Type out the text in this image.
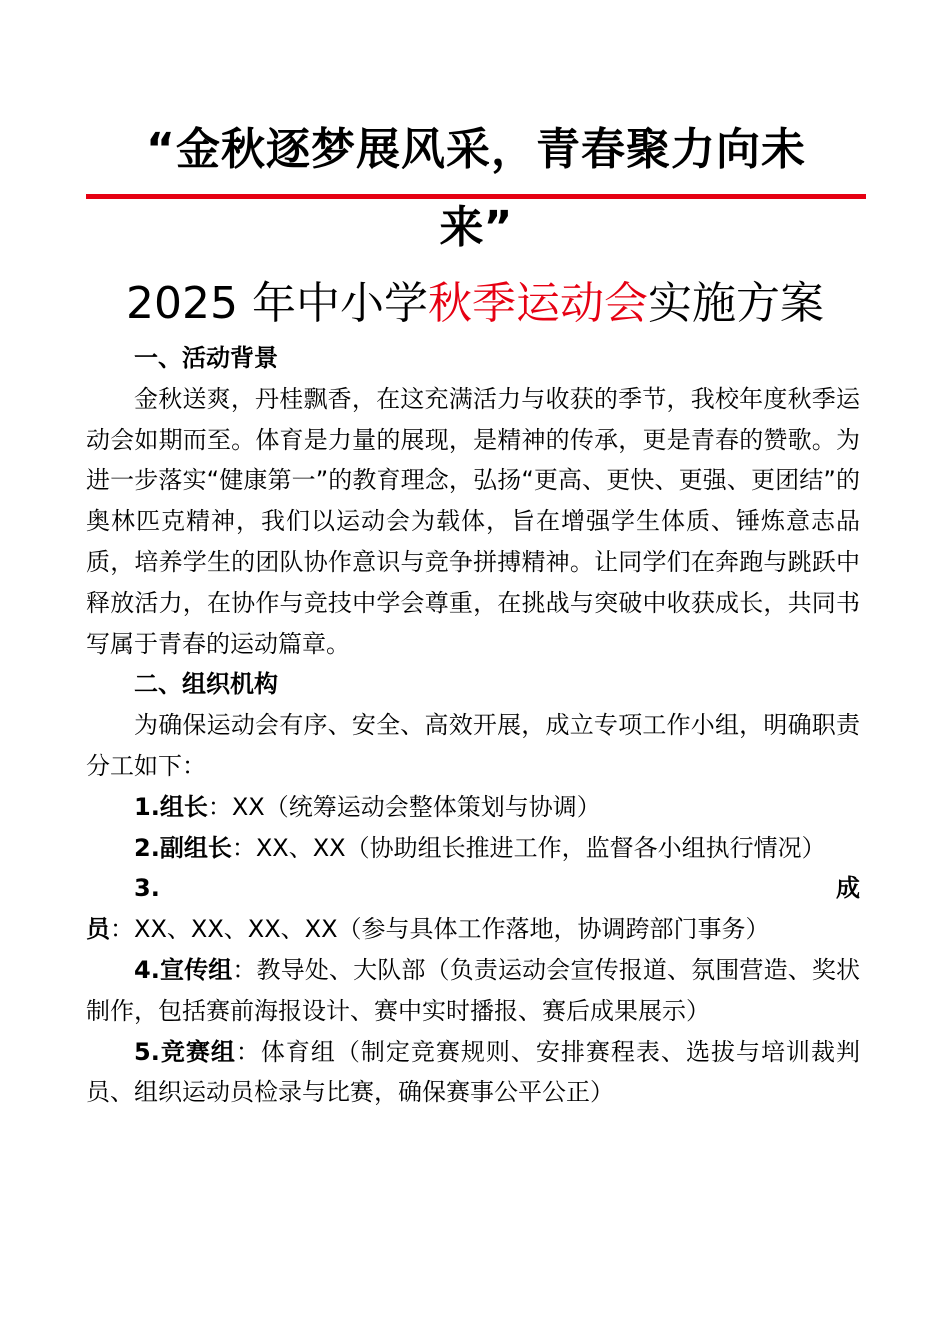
“金秋逐梦展风采，青春聚力向未
来”
2025 年中小学秋季运动会实施方案

一、活动背景

金秋送爽，丹桂飘香，在这充满活力与收获的季节，我校年度秋季运动会如期而至。体育是力量的展现，是精神的传承，更是青春的赞歌。为进一步落实“健康第一”的教育理念，弘扬“更高、更快、更强、更团结”的奥林匹克精神，我们以运动会为载体，旨在增强学生体质、锤炼意志品质，培养学生的团队协作意识与竞争拼搏精神。让同学们在奔跑与跳跃中释放活力，在协作与竞技中学会尊重，在挑战与突破中收获成长，共同书写属于青春的运动篇章。

二、组织机构

为确保运动会有序、安全、高效开展，成立专项工作小组，明确职责分工如下：

1.组长：XX（统筹运动会整体策划与协调）

2.副组长：XX、XX（协助组长推进工作，监督各小组执行情况）

3.成员：XX、XX、XX、XX（参与具体工作落地，协调跨部门事务）

4.宣传组：教导处、大队部（负责运动会宣传报道、氛围营造、奖状制作，包括赛前海报设计、赛中实时播报、赛后成果展示）

5.竞赛组：体育组（制定竞赛规则、安排赛程表、选拔与培训裁判员、组织运动员检录与比赛，确保赛事公平公正）
